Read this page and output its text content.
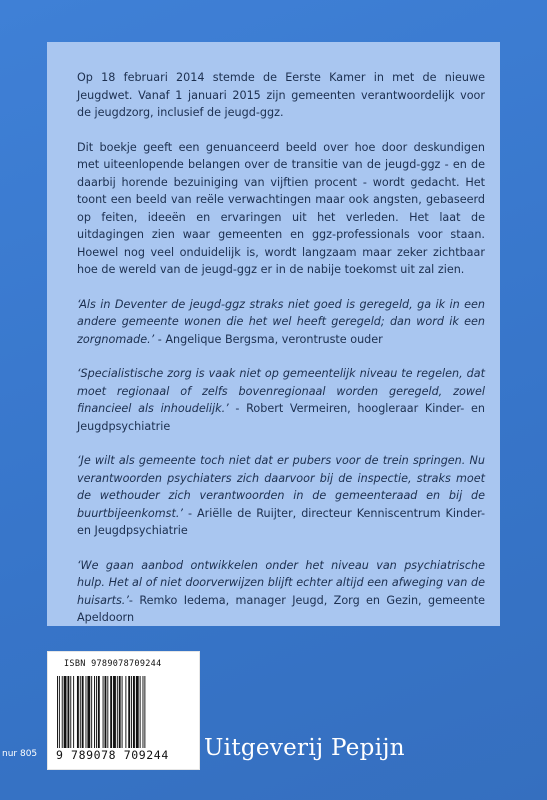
Op 18 februari 2014 stemde de Eerste Kamer in met de nieuwe Jeugdwet. Vanaf 1 januari 2015 zijn gemeenten verantwoordelijk voor de jeugdzorg, inclusief de jeugd-ggz.

Dit boekje geeft een genuanceerd beeld over hoe door deskundigen met uiteenlopende belangen over de transitie van de jeugd-ggz - en de daarbij horende bezuiniging van vijftien procent - wordt gedacht. Het toont een beeld van reële verwachtingen maar ook angsten, gebaseerd op feiten, ideeën en ervaringen uit het verleden. Het laat de uitdagingen zien waar gemeenten en ggz-professionals voor staan. Hoewel nog veel onduidelijk is, wordt langzaam maar zeker zichtbaar hoe de wereld van de jeugd-ggz er in de nabije toekomst uit zal zien.

‘Als in Deventer de jeugd-ggz straks niet goed is geregeld, ga ik in een andere gemeente wonen die het wel heeft geregeld; dan word ik een zorgnomade.’ - Angelique Bergsma, verontruste ouder

‘Specialistische zorg is vaak niet op gemeentelijk niveau te regelen, dat moet regionaal of zelfs bovenregionaal worden geregeld, zowel financieel als inhoudelijk.’ - Robert Vermeiren, hoogleraar Kinder- en Jeugdpsychiatrie

‘Je wilt als gemeente toch niet dat er pubers voor de trein springen. Nu verantwoorden psychiaters zich daarvoor bij de inspectie, straks moet de wethouder zich verantwoorden in de gemeenteraad en bij de buurtbijeenkomst.’ - Ariëlle de Ruijter, directeur Kenniscentrum Kinder- en Jeugdpsychiatrie

‘We gaan aanbod ontwikkelen onder het niveau van psychiatrische hulp. Het al of niet doorverwijzen blijft echter altijd een afweging van de huisarts.’- Remko Iedema, manager Jeugd, Zorg en Gezin, gemeente Apeldoorn

ISBN 9789078709244
9 789078 709244
nur 805	Uitgeverij Pepijn
